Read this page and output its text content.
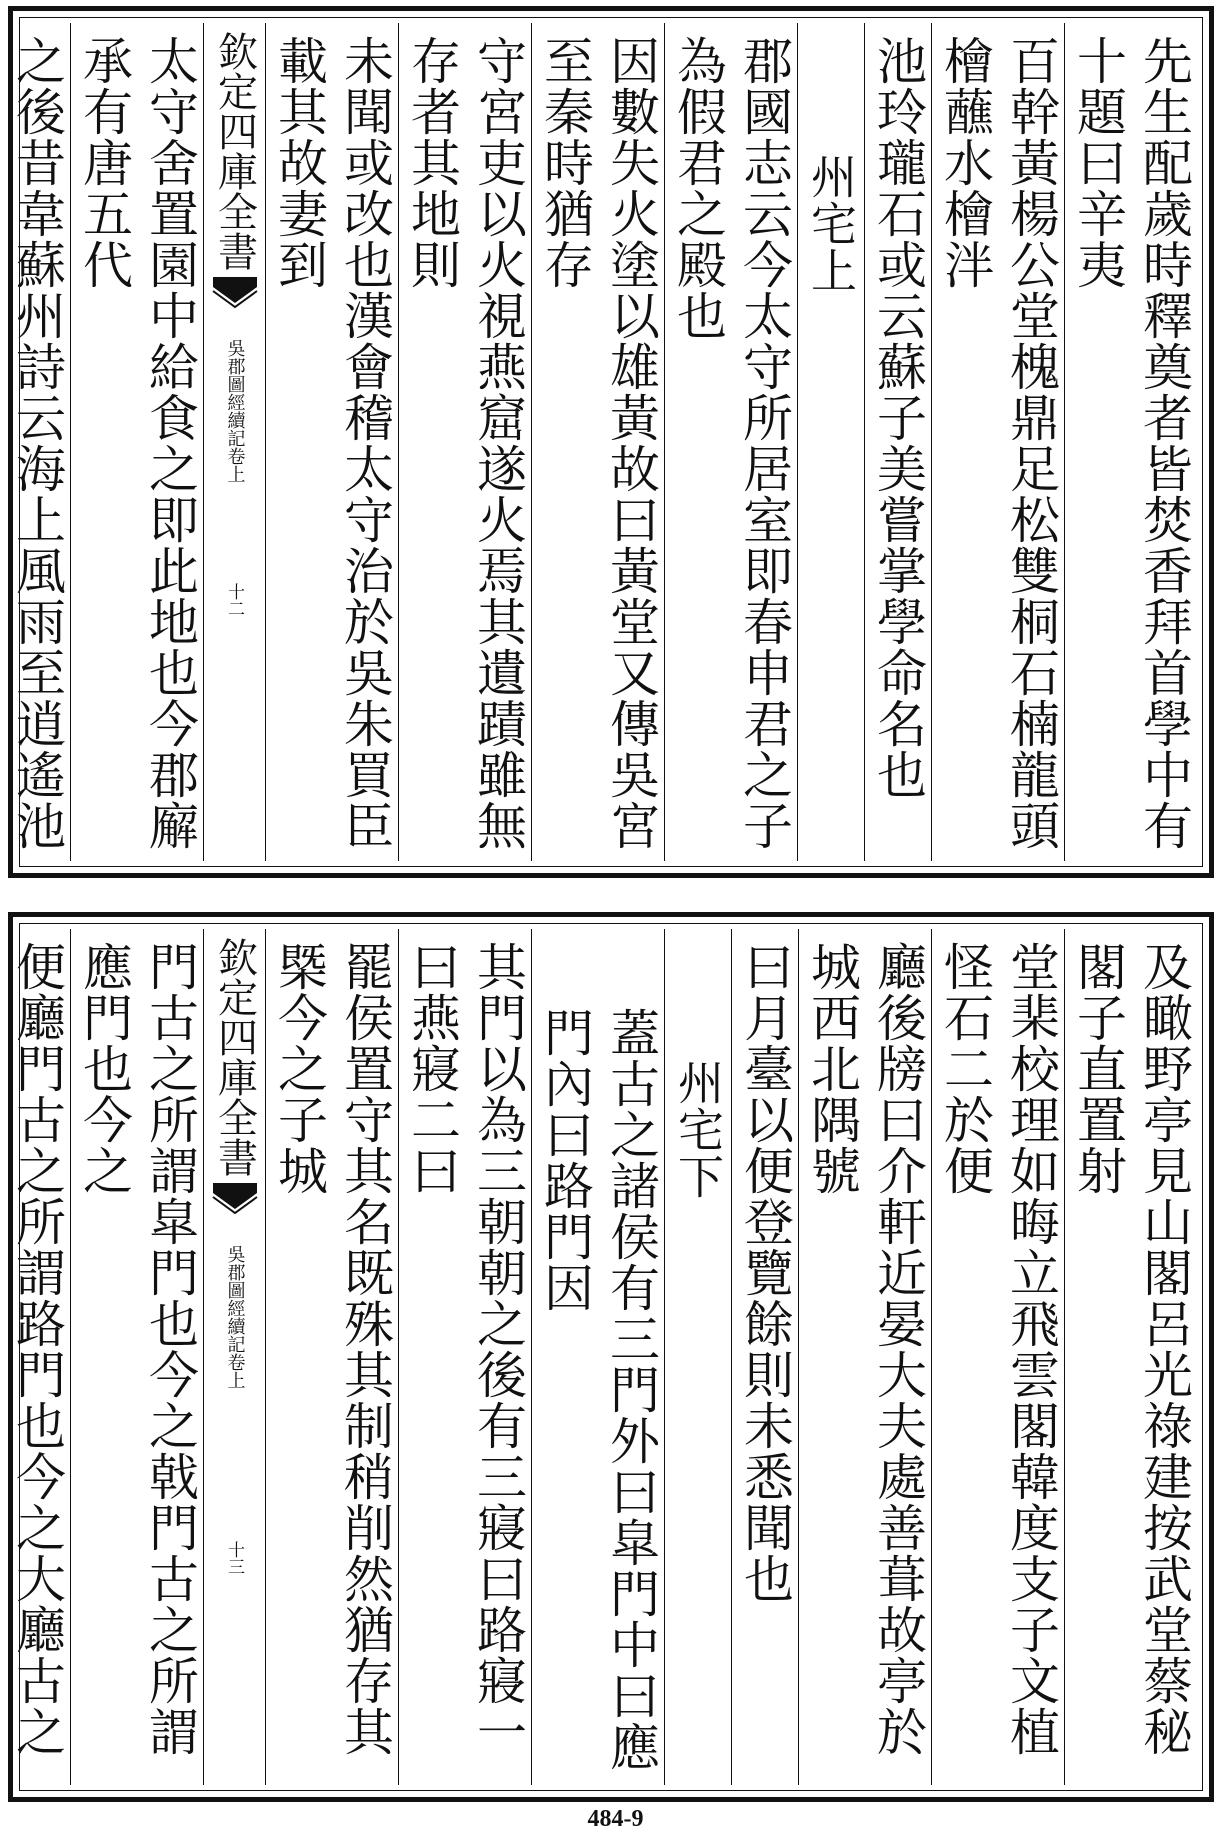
先生配歲時釋奠者皆焚香拜首學中有十題曰辛夷
百幹黃楊公堂槐鼎足松雙桐石楠龍頭檜蘸水檜泮
池玲瓏石或云蘇子美嘗掌學命名也
州宅上
郡國志云今太守所居室即春申君之子為假君之殿也
因數失火塗以雄黃故曰黃堂又傳吳宮至秦時猶存
守宮吏以火視燕窟遂火焉其遺蹟雖無存者其地則
未聞或改也漢會稽太守治於吳朱買臣載其故妻到
欽定四庫全書
吳郡圖經續記
卷上
十二
太守舍置園中給食之即此地也今郡廨承有唐五代
之後昔韋蘇州詩云海上風雨至逍遙池
及瞰野亭見山閣呂光祿建按武堂蔡秘閣子直置射
堂棐校理如晦立飛雲閣韓度支子文植怪石二於便
廳後牓曰介軒近晏大夫處善葺故亭於城西北隅號
曰月臺以便登覽餘則未悉聞也
州宅下
蓋古之諸侯有三門外曰皐門中曰應門內曰路門因
其門以為三朝朝之後有三寢曰路寢一曰燕寢二曰
罷侯置守其名既殊其制稍削然猶存其槩今之子城
欽定四庫全書
吳郡圖經續記
卷上
十三
門古之所謂皐門也今之戟門古之所謂應門也今之
便廳門古之所謂路門也今之大廳古之
484-9
